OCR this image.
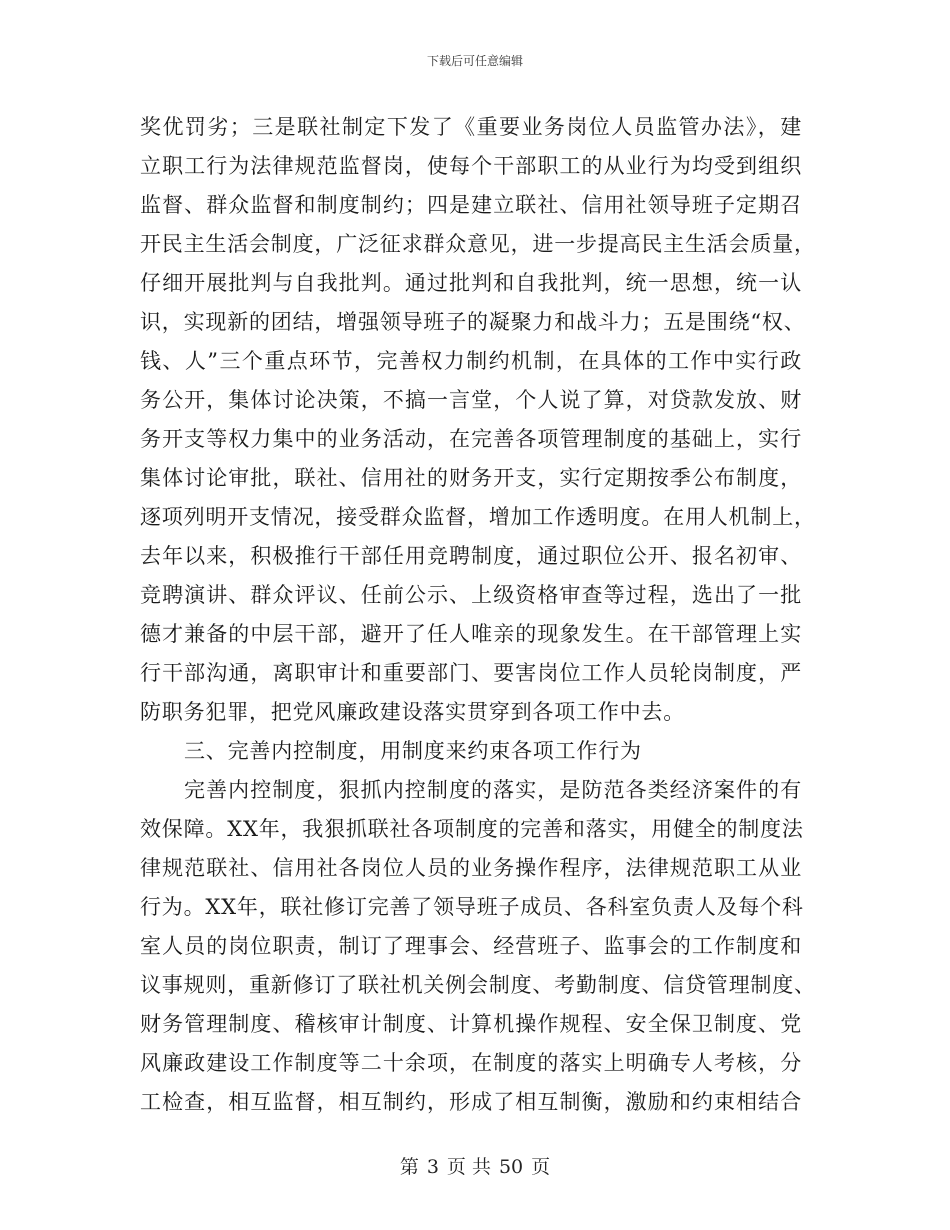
下载后可任意编辑
奖优罚劣；三是联社制定下发了《重要业务岗位人员监管办法》，建
立职工行为法律规范监督岗，使每个干部职工的从业行为均受到组织
监督、群众监督和制度制约；四是建立联社、信用社领导班子定期召
开民主生活会制度，广泛征求群众意见，进一步提高民主生活会质量，
仔细开展批判与自我批判。通过批判和自我批判，统一思想，统一认
识，实现新的团结，增强领导班子的凝聚力和战斗力；五是围绕“权、
钱、人”三个重点环节，完善权力制约机制，在具体的工作中实行政
务公开，集体讨论决策，不搞一言堂，个人说了算，对贷款发放、财
务开支等权力集中的业务活动，在完善各项管理制度的基础上，实行
集体讨论审批，联社、信用社的财务开支，实行定期按季公布制度，
逐项列明开支情况，接受群众监督，增加工作透明度。在用人机制上，
去年以来，积极推行干部任用竞聘制度，通过职位公开、报名初审、
竞聘演讲、群众评议、任前公示、上级资格审查等过程，选出了一批
德才兼备的中层干部，避开了任人唯亲的现象发生。在干部管理上实
行干部沟通，离职审计和重要部门、要害岗位工作人员轮岗制度，严
防职务犯罪，把党风廉政建设落实贯穿到各项工作中去。
三、完善内控制度，用制度来约束各项工作行为
完善内控制度，狠抓内控制度的落实，是防范各类经济案件的有
效保障。XX年，我狠抓联社各项制度的完善和落实，用健全的制度法
律规范联社、信用社各岗位人员的业务操作程序，法律规范职工从业
行为。XX年，联社修订完善了领导班子成员、各科室负责人及每个科
室人员的岗位职责，制订了理事会、经营班子、监事会的工作制度和
议事规则，重新修订了联社机关例会制度、考勤制度、信贷管理制度、
财务管理制度、稽核审计制度、计算机操作规程、安全保卫制度、党
风廉政建设工作制度等二十余项，在制度的落实上明确专人考核，分
工检查，相互监督，相互制约，形成了相互制衡，激励和约束相结合
第 3 页 共 50 页
